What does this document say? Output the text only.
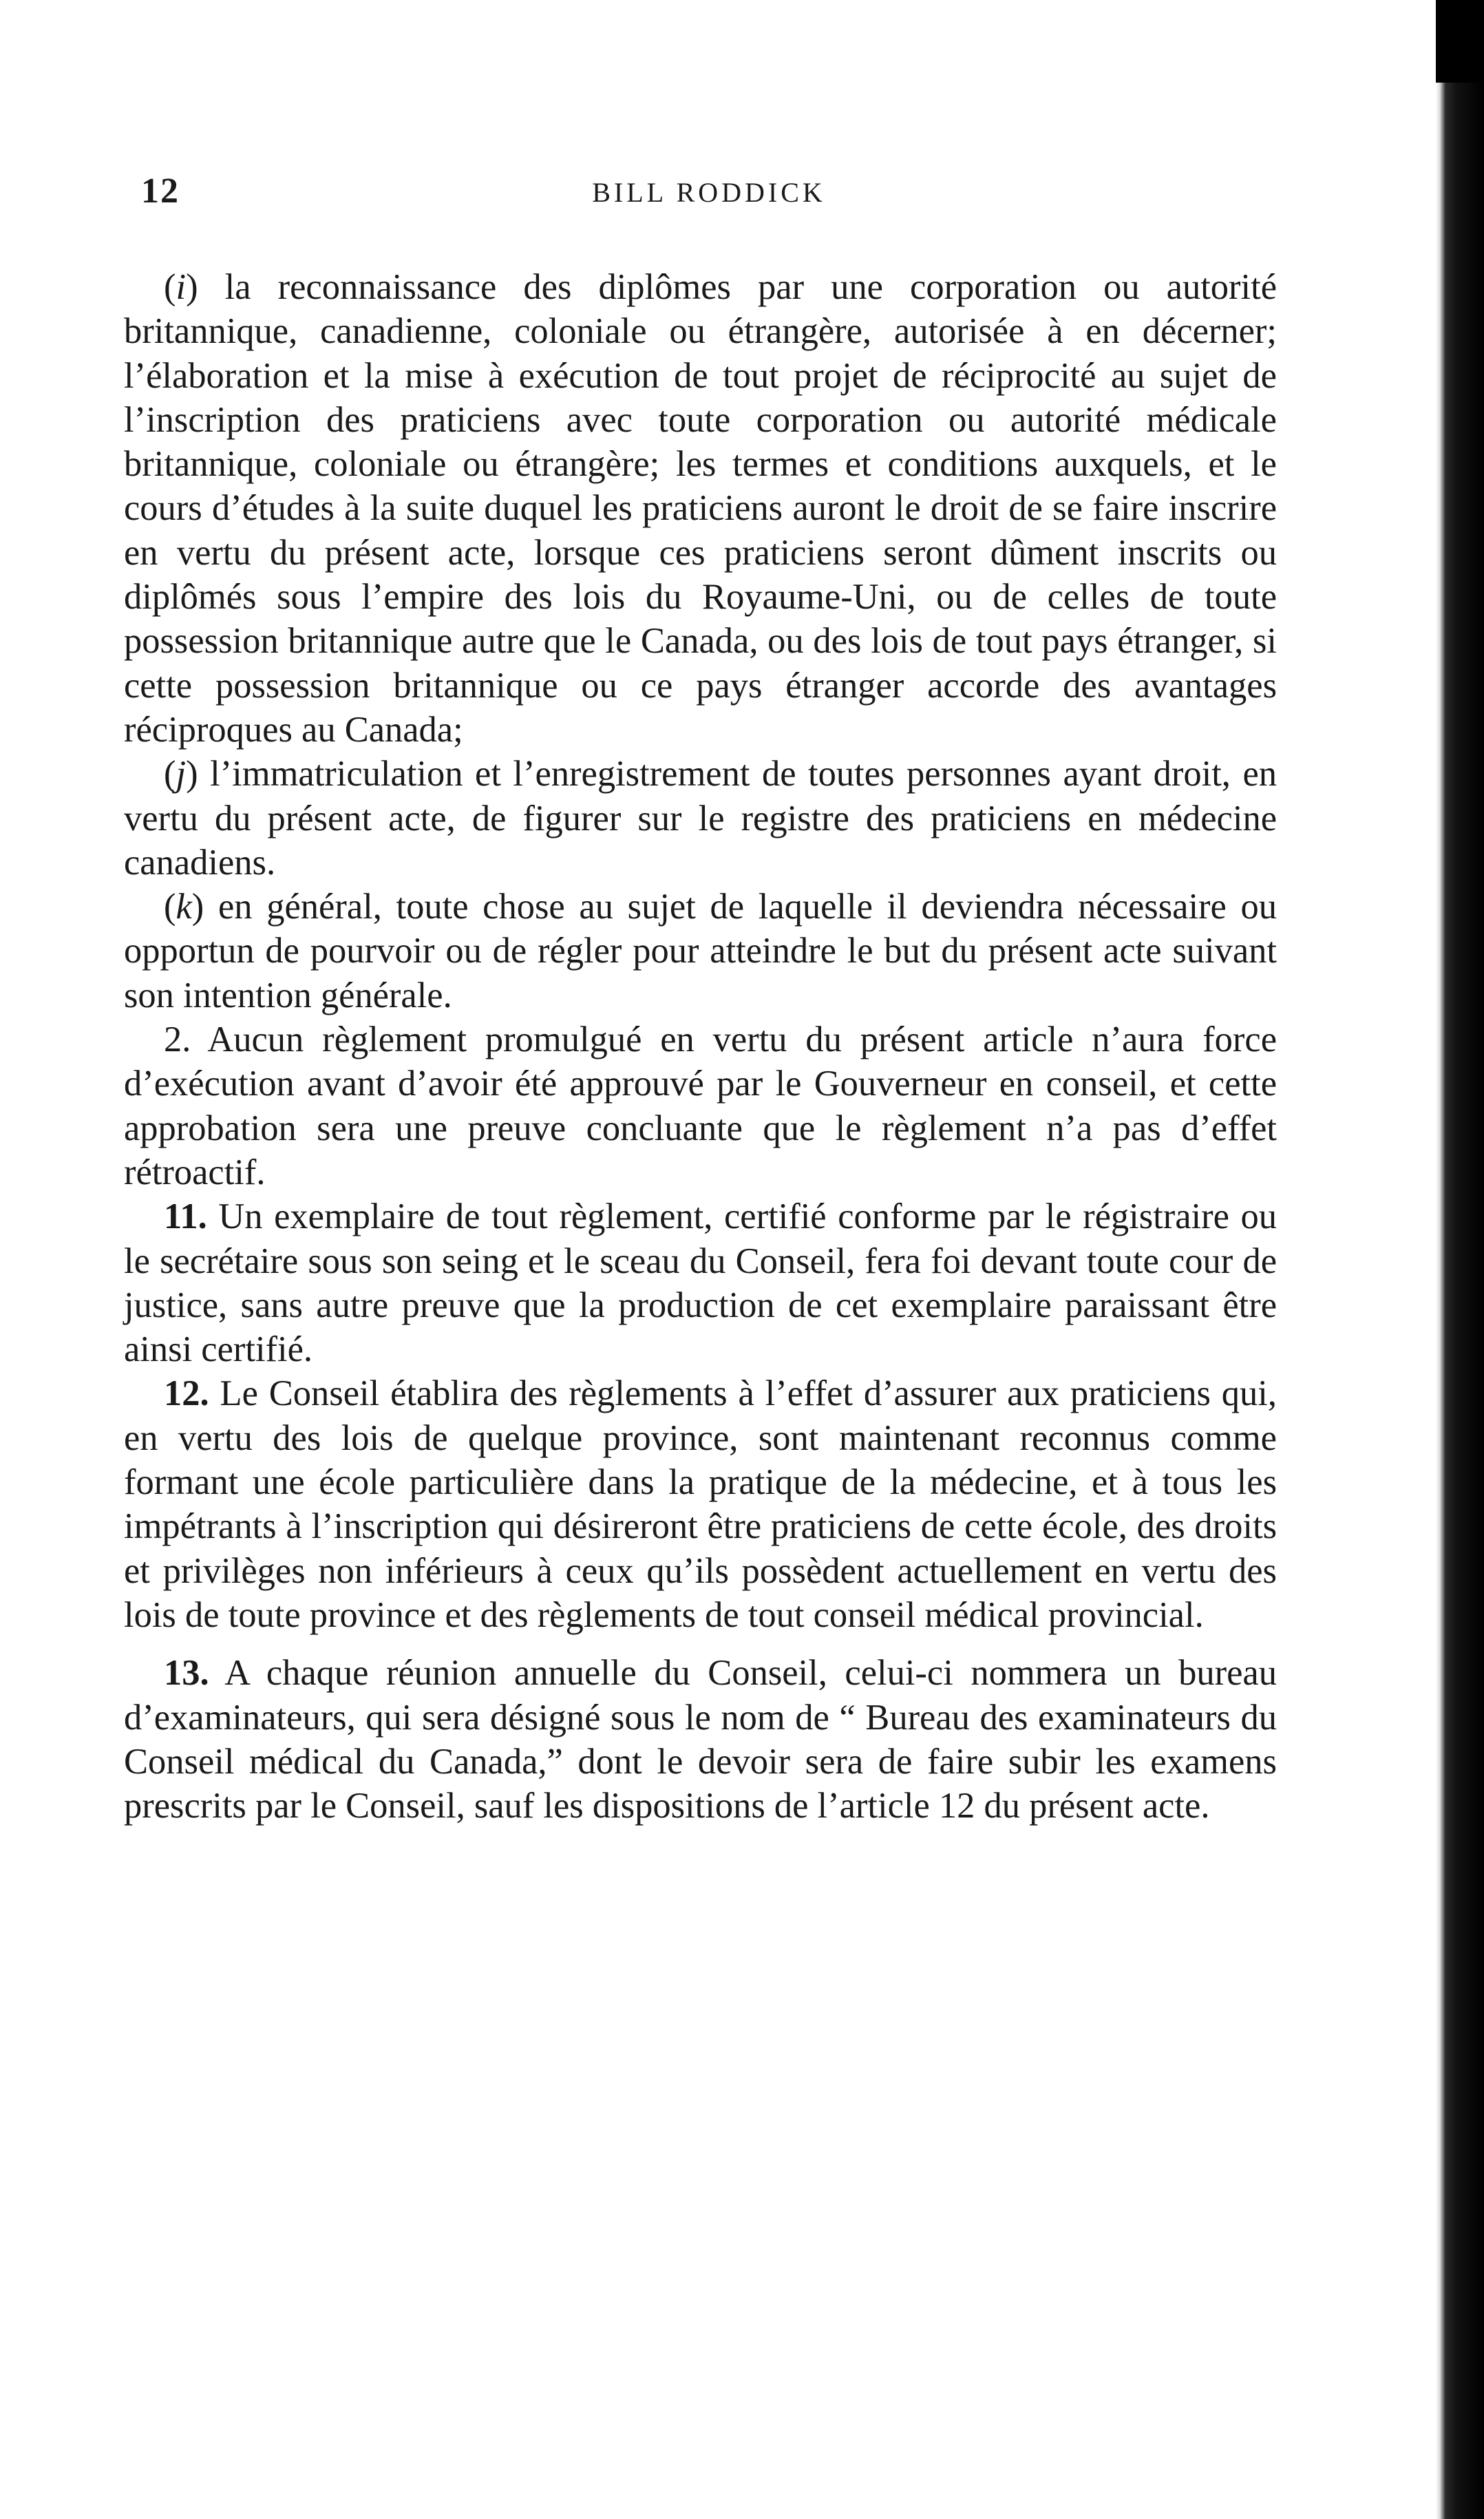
12	BILL RODDICK

(i) la reconnaissance des diplômes par une corporation ou autorité britannique, canadienne, coloniale ou étrangère, autorisée à en décerner; l’élaboration et la mise à exécution de tout projet de réciprocité au sujet de l’inscription des praticiens avec toute corporation ou autorité médicale britannique, coloniale ou étrangère; les termes et conditions auxquels, et le cours d’études à la suite duquel les praticiens auront le droit de se faire inscrire en vertu du présent acte, lorsque ces praticiens seront dûment inscrits ou diplômés sous l’empire des lois du Royaume-Uni, ou de celles de toute possession britannique autre que le Canada, ou des lois de tout pays étranger, si cette possession britannique ou ce pays étranger accorde des avantages réciproques au Canada;

(j) l’immatriculation et l’enregistrement de toutes personnes ayant droit, en vertu du présent acte, de figurer sur le registre des praticiens en médecine canadiens.

(k) en général, toute chose au sujet de laquelle il deviendra nécessaire ou opportun de pourvoir ou de régler pour atteindre le but du présent acte suivant son intention générale.

2. Aucun règlement promulgué en vertu du présent article n’aura force d’exécution avant d’avoir été approuvé par le Gouverneur en conseil, et cette approbation sera une preuve concluante que le règlement n’a pas d’effet rétroactif.

11. Un exemplaire de tout règlement, certifié conforme par le régistraire ou le secrétaire sous son seing et le sceau du Conseil, fera foi devant toute cour de justice, sans autre preuve que la production de cet exemplaire paraissant être ainsi certifié.

12. Le Conseil établira des règlements à l’effet d’assurer aux praticiens qui, en vertu des lois de quelque province, sont maintenant reconnus comme formant une école particulière dans la pratique de la médecine, et à tous les impétrants à l’inscription qui désireront être praticiens de cette école, des droits et privilèges non inférieurs à ceux qu’ils possèdent actuellement en vertu des lois de toute province et des règlements de tout conseil médical provincial.

13. A chaque réunion annuelle du Conseil, celui-ci nommera un bureau d’examinateurs, qui sera désigné sous le nom de “ Bureau des examinateurs du Conseil médical du Canada,” dont le devoir sera de faire subir les examens prescrits par le Conseil, sauf les dispositions de l’article 12 du présent acte.
